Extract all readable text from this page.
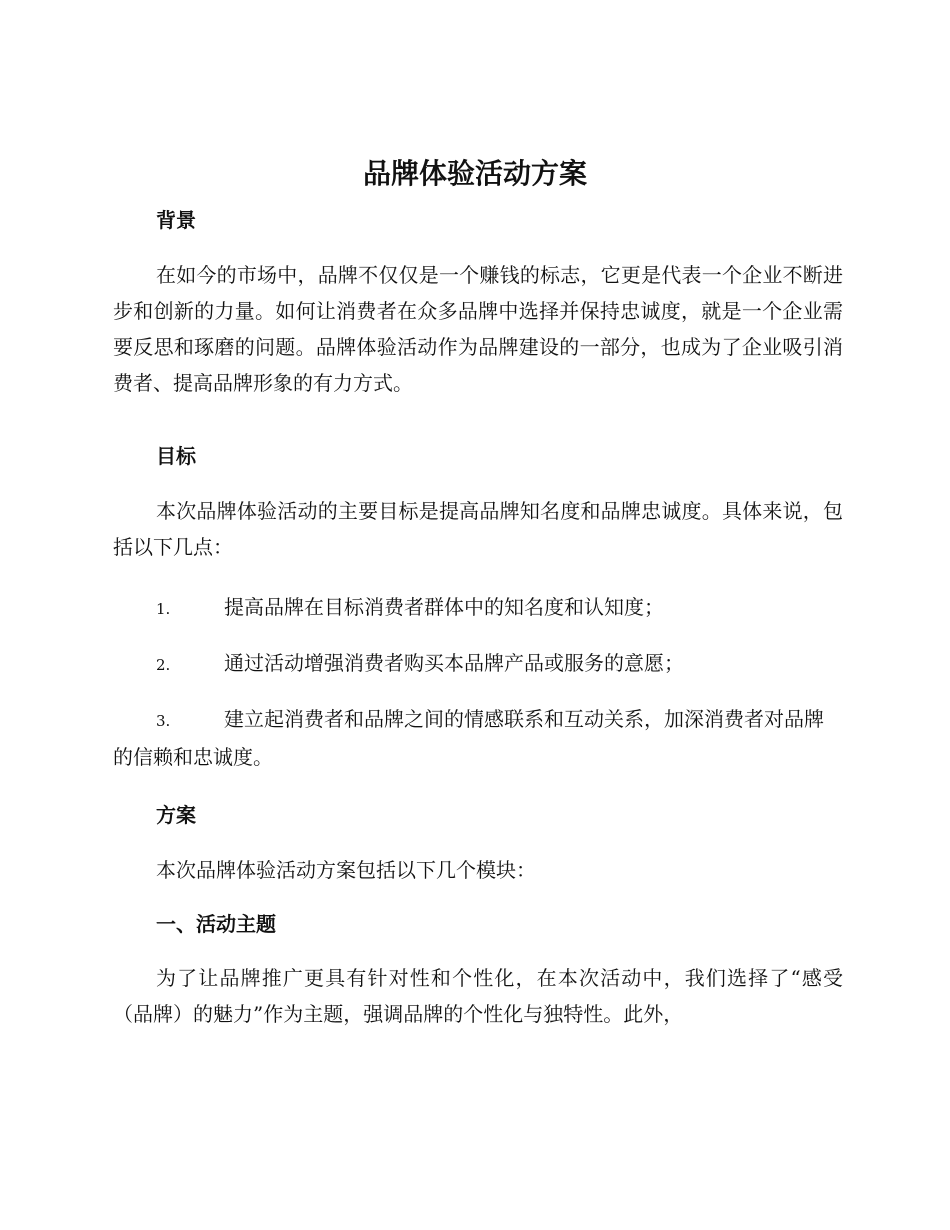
品牌体验活动方案
背景

在如今的市场中，品牌不仅仅是一个赚钱的标志，它更是代表一个企业不断进步和创新的力量。如何让消费者在众多品牌中选择并保持忠诚度，就是一个企业需要反思和琢磨的问题。品牌体验活动作为品牌建设的一部分，也成为了企业吸引消费者、提高品牌形象的有力方式。

目标

本次品牌体验活动的主要目标是提高品牌知名度和品牌忠诚度。具体来说，包括以下几点：

1.	提高品牌在目标消费者群体中的知名度和认知度；
2.	通过活动增强消费者购买本品牌产品或服务的意愿；
3.	建立起消费者和品牌之间的情感联系和互动关系，加深消费者对品牌的信赖和忠诚度。
方案

本次品牌体验活动方案包括以下几个模块：

一、活动主题

为了让品牌推广更具有针对性和个性化，在本次活动中，我们选择了“感受（品牌）的魅力”作为主题，强调品牌的个性化与独特性。此外，
